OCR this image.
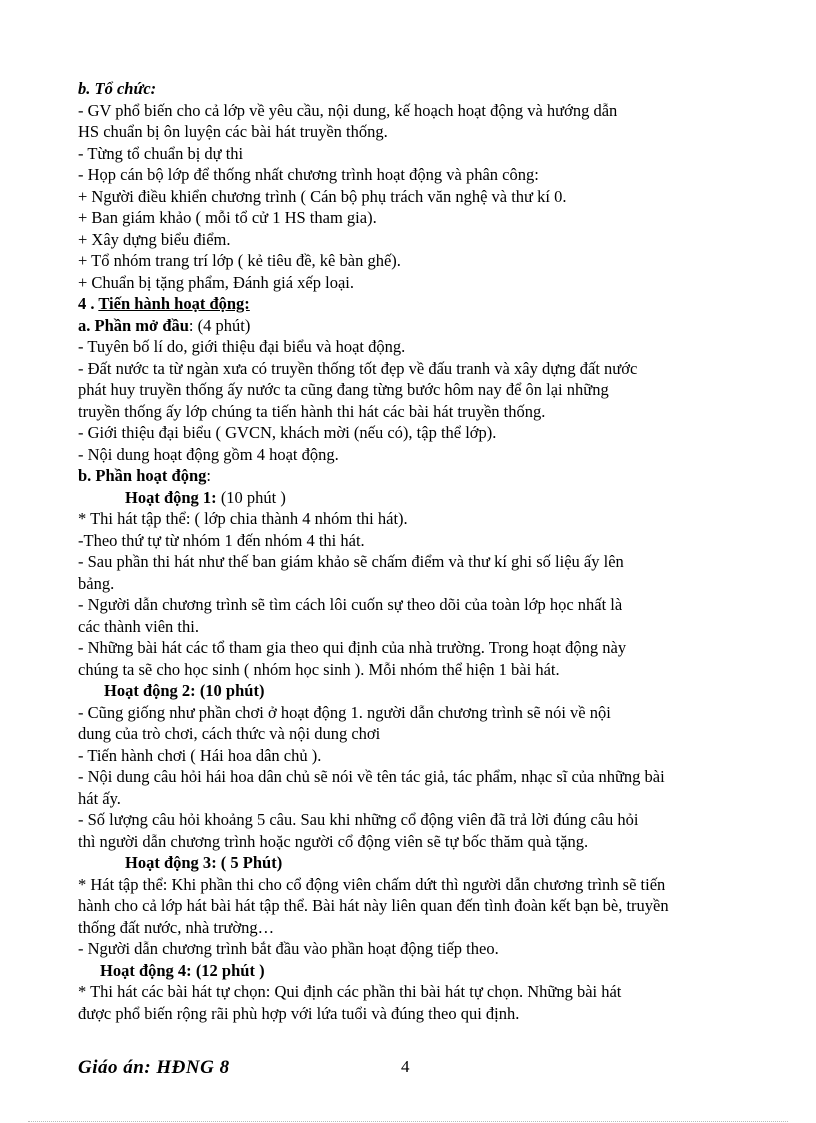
b. Tổ chức:
- GV phổ biến cho cả lớp về yêu cầu, nội dung, kế hoạch hoạt động và hướng dẫn
HS chuẩn bị ôn luyện các bài hát truyền thống.
- Từng tổ chuẩn bị dự thi
- Họp cán bộ lớp để thống nhất chương trình hoạt động và phân công:
+ Người điều khiển chương trình ( Cán bộ phụ trách văn nghệ và thư kí 0.
+ Ban giám khảo ( mỗi tổ cử 1 HS tham gia).
+ Xây dựng biểu điểm.
+ Tổ nhóm trang trí lớp ( kẻ tiêu đề, kê bàn ghế).
+ Chuẩn bị tặng phẩm, Đánh giá xếp loại.
4 . Tiến hành hoạt động:
a. Phần mở đầu: (4 phút)
- Tuyên bố lí do, giới thiệu đại biểu và hoạt động.
- Đất nước ta từ ngàn xưa có truyền thống tốt đẹp về đấu tranh và xây dựng đất nước
phát huy truyền thống ấy nước ta cũng đang từng bước hôm nay để ôn lại những
truyền thống ấy lớp chúng ta tiến hành thi hát các bài hát truyền thống.
- Giới thiệu đại biểu ( GVCN, khách mời (nếu có), tập thể lớp).
- Nội dung hoạt động gồm 4 hoạt động.
b. Phần hoạt động:
Hoạt động 1: (10 phút )
* Thi hát tập thể: ( lớp chia thành 4 nhóm thi hát).
-Theo thứ tự từ nhóm 1 đến nhóm 4 thi hát.
- Sau phần thi hát như thế ban giám khảo sẽ chấm điểm và thư kí ghi số liệu ấy lên
bảng.
- Người dẫn chương trình sẽ tìm cách lôi cuốn sự theo dõi của toàn lớp học nhất là
các thành viên thi.
- Những bài hát các tổ tham gia theo qui định của nhà trường. Trong hoạt động này
chúng ta sẽ cho học sinh ( nhóm học sinh ). Mỗi nhóm thể hiện 1 bài hát.
Hoạt động 2: (10 phút)
- Cũng giống như phần chơi ở hoạt động 1. người dẫn chương trình sẽ nói về nội
dung của trò chơi, cách thức và nội dung chơi
- Tiến hành chơi ( Hái hoa dân chủ ).
- Nội dung câu hỏi hái hoa dân chủ sẽ nói về tên tác giả, tác phẩm, nhạc sĩ của những bài
hát ấy.
- Số lượng câu hỏi khoảng 5 câu. Sau khi những cổ động viên đã trả lời đúng câu hỏi
thì người dẫn chương trình hoặc người cổ động viên sẽ tự bốc thăm quà tặng.
Hoạt động 3: ( 5 Phút)
* Hát tập thể: Khi phần thi cho cổ động viên chấm dứt thì người dẫn chương trình sẽ tiến
hành cho cả lớp hát bài hát tập thể. Bài hát này liên quan đến tình đoàn kết bạn bè, truyền
thống đất nước, nhà trường…
- Người dẫn chương trình bắt đầu vào phần hoạt động tiếp theo.
Hoạt động 4: (12 phút )
* Thi hát các bài hát tự chọn: Qui định các phần thi bài hát tự chọn. Những bài hát
được phổ biến rộng rãi phù hợp với lứa tuổi và đúng theo qui định.
Giáo án: HĐNG 8	4
